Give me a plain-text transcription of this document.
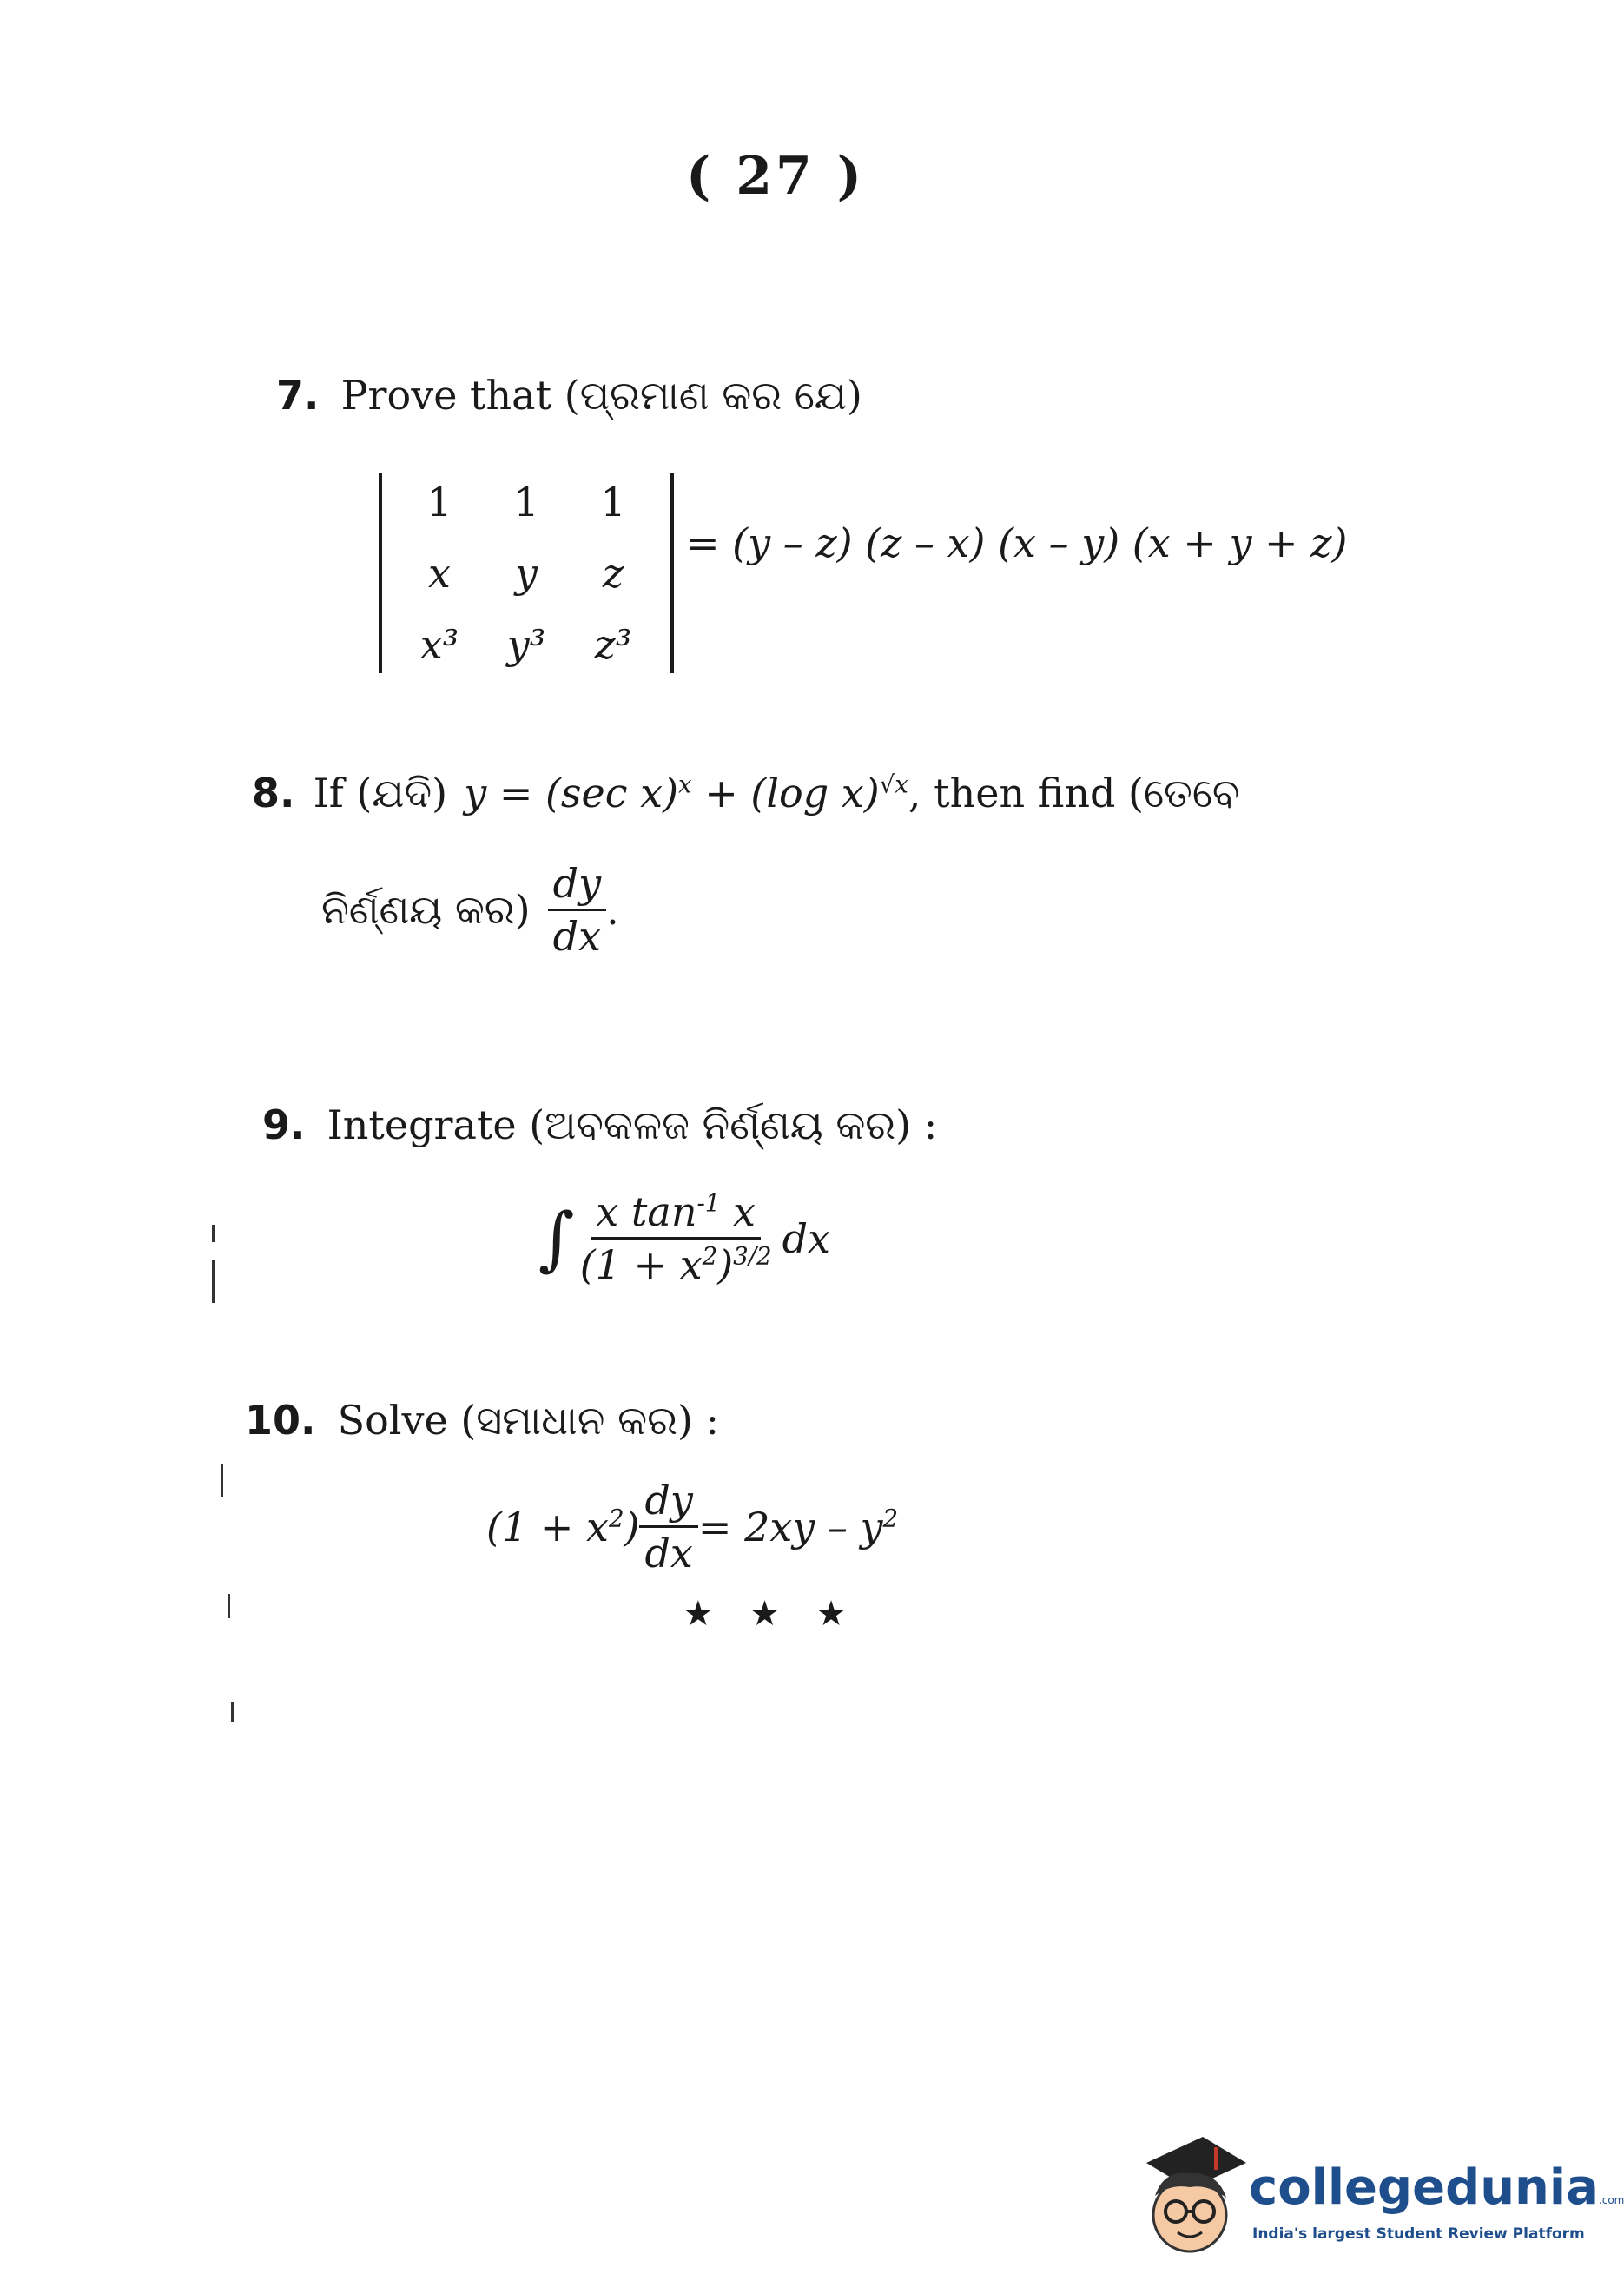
( 27 )
7. Prove that (ପ୍ରମାଣ କର ଯେ)
1	1	1
x	y	z
x³	y³	z³
= (y – z) (z – x) (x – y) (x + y + z)
8. If (ଯଦି) y = (sec x)$^x$ + (log x)$^{√x}$, then find (ତେବେ
ନିର୍ଣ୍ଣୟ କର) $\frac{dy}{dx}$ .
9. Integrate (ଅବକଳଜ ନିର୍ଣ୍ଣୟ କର) :
∫ $\frac{x \tan^{-1} x}{(1 + x^2)^{3/2}}$ dx
10. Solve (ସମାଧାନ କର) :
$(1 + x^2) \frac{dy}{dx} = 2xy - y^2$
★ ★ ★
collegedunia.com
India's largest Student Review Platform
